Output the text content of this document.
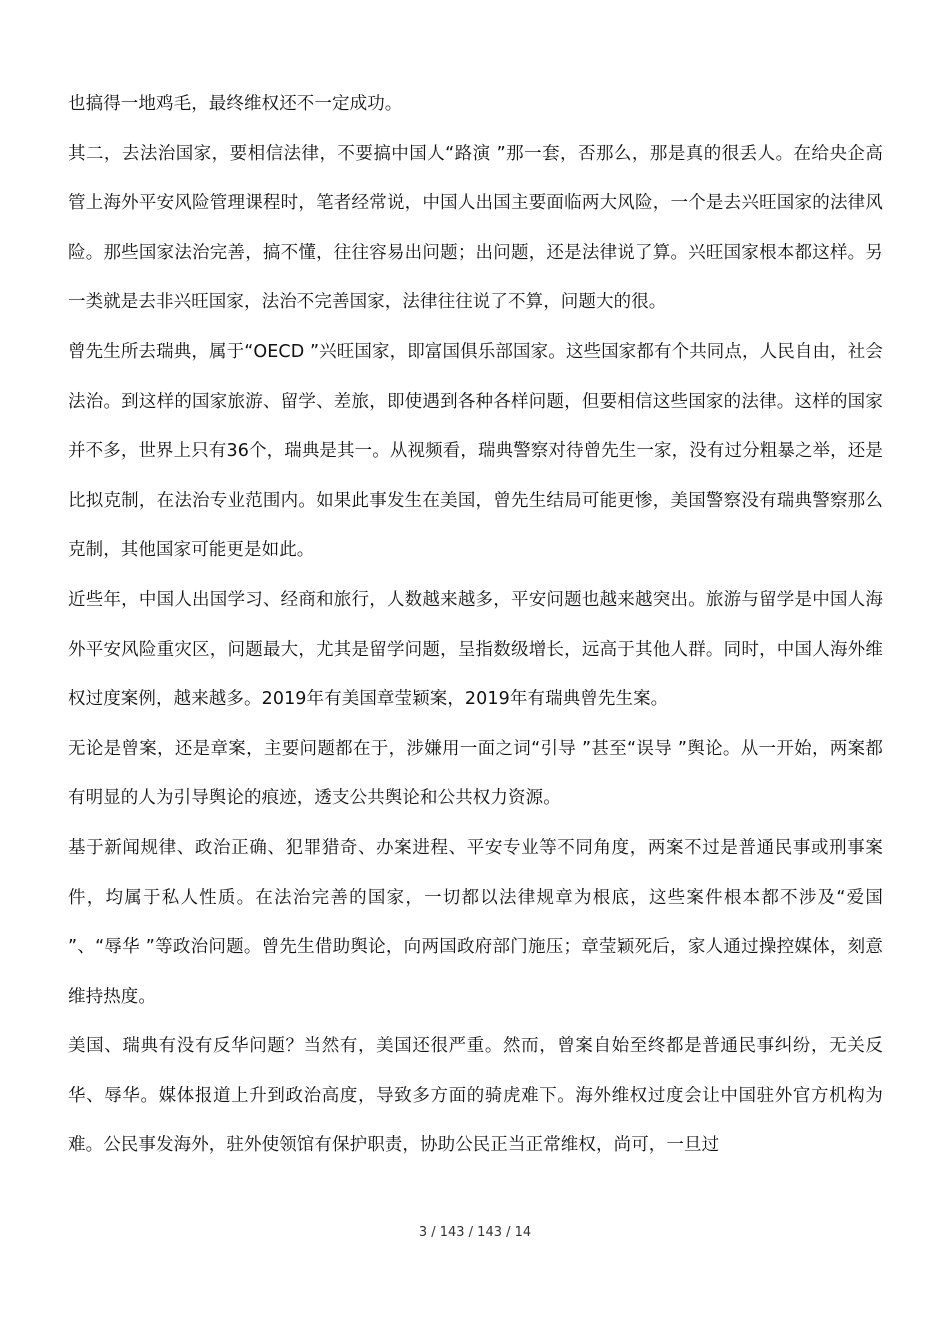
也搞得一地鸡毛，最终维权还不一定成功。

其二，去法治国家，要相信法律，不要搞中国人“路演 ”那一套，否那么，那是真的很丢人。在给央企高管上海外平安风险管理课程时，笔者经常说，中国人出国主要面临两大风险，一个是去兴旺国家的法律风险。那些国家法治完善，搞不懂，往往容易出问题；出问题，还是法律说了算。兴旺国家根本都这样。另一类就是去非兴旺国家，法治不完善国家，法律往往说了不算，问题大的很。

曾先生所去瑞典，属于“OECD ”兴旺国家，即富国俱乐部国家。这些国家都有个共同点，人民自由，社会法治。到这样的国家旅游、留学、差旅，即使遇到各种各样问题，但要相信这些国家的法律。这样的国家并不多，世界上只有36个，瑞典是其一。从视频看，瑞典警察对待曾先生一家，没有过分粗暴之举，还是比拟克制，在法治专业范围内。如果此事发生在美国，曾先生结局可能更惨，美国警察没有瑞典警察那么克制，其他国家可能更是如此。

近些年，中国人出国学习、经商和旅行，人数越来越多，平安问题也越来越突出。旅游与留学是中国人海外平安风险重灾区，问题最大，尤其是留学问题，呈指数级增长，远高于其他人群。同时，中国人海外维权过度案例，越来越多。2019年有美国章莹颖案，2019年有瑞典曾先生案。

无论是曾案，还是章案，主要问题都在于，涉嫌用一面之词“引导 ”甚至“误导 ”舆论。从一开始，两案都有明显的人为引导舆论的痕迹，透支公共舆论和公共权力资源。

基于新闻规律、政治正确、犯罪猎奇、办案进程、平安专业等不同角度，两案不过是普通民事或刑事案件，均属于私人性质。在法治完善的国家，一切都以法律规章为根底，这些案件根本都不涉及“爱国 ”、“辱华 ”等政治问题。曾先生借助舆论，向两国政府部门施压；章莹颖死后，家人通过操控媒体，刻意维持热度。

美国、瑞典有没有反华问题？当然有，美国还很严重。然而，曾案自始至终都是普通民事纠纷，无关反华、辱华。媒体报道上升到政治高度，导致多方面的骑虎难下。海外维权过度会让中国驻外官方机构为难。公民事发海外，驻外使领馆有保护职责，协助公民正当正常维权，尚可，一旦过

3 / 143 / 143 / 14
